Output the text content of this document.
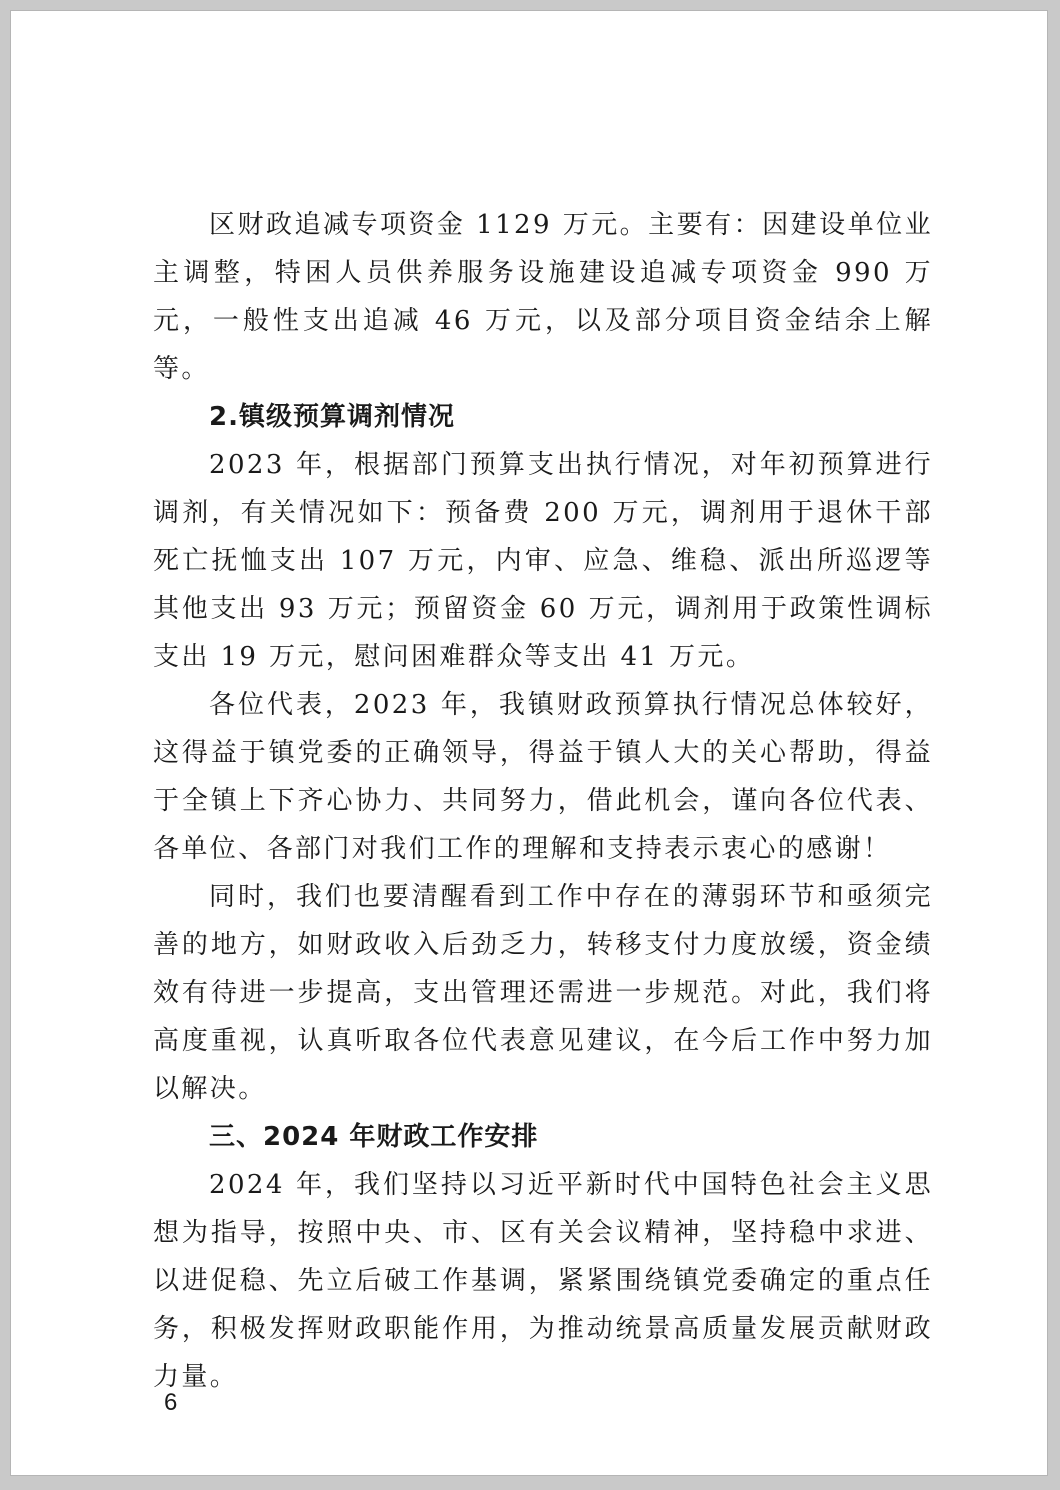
区财政追减专项资金 1129 万元。主要有：因建设单位业主调整，特困人员供养服务设施建设追减专项资金 990 万元，一般性支出追减 46 万元，以及部分项目资金结余上解等。

2.镇级预算调剂情况

2023 年，根据部门预算支出执行情况，对年初预算进行调剂，有关情况如下：预备费 200 万元，调剂用于退休干部死亡抚恤支出 107 万元，内审、应急、维稳、派出所巡逻等其他支出 93 万元；预留资金 60 万元，调剂用于政策性调标支出 19 万元，慰问困难群众等支出 41 万元。

各位代表，2023 年，我镇财政预算执行情况总体较好，这得益于镇党委的正确领导，得益于镇人大的关心帮助，得益于全镇上下齐心协力、共同努力，借此机会，谨向各位代表、各单位、各部门对我们工作的理解和支持表示衷心的感谢！

同时，我们也要清醒看到工作中存在的薄弱环节和亟须完善的地方，如财政收入后劲乏力，转移支付力度放缓，资金绩效有待进一步提高，支出管理还需进一步规范。对此，我们将高度重视，认真听取各位代表意见建议，在今后工作中努力加以解决。

三、2024 年财政工作安排

2024 年，我们坚持以习近平新时代中国特色社会主义思想为指导，按照中央、市、区有关会议精神，坚持稳中求进、以进促稳、先立后破工作基调，紧紧围绕镇党委确定的重点任务，积极发挥财政职能作用，为推动统景高质量发展贡献财政力量。

6
